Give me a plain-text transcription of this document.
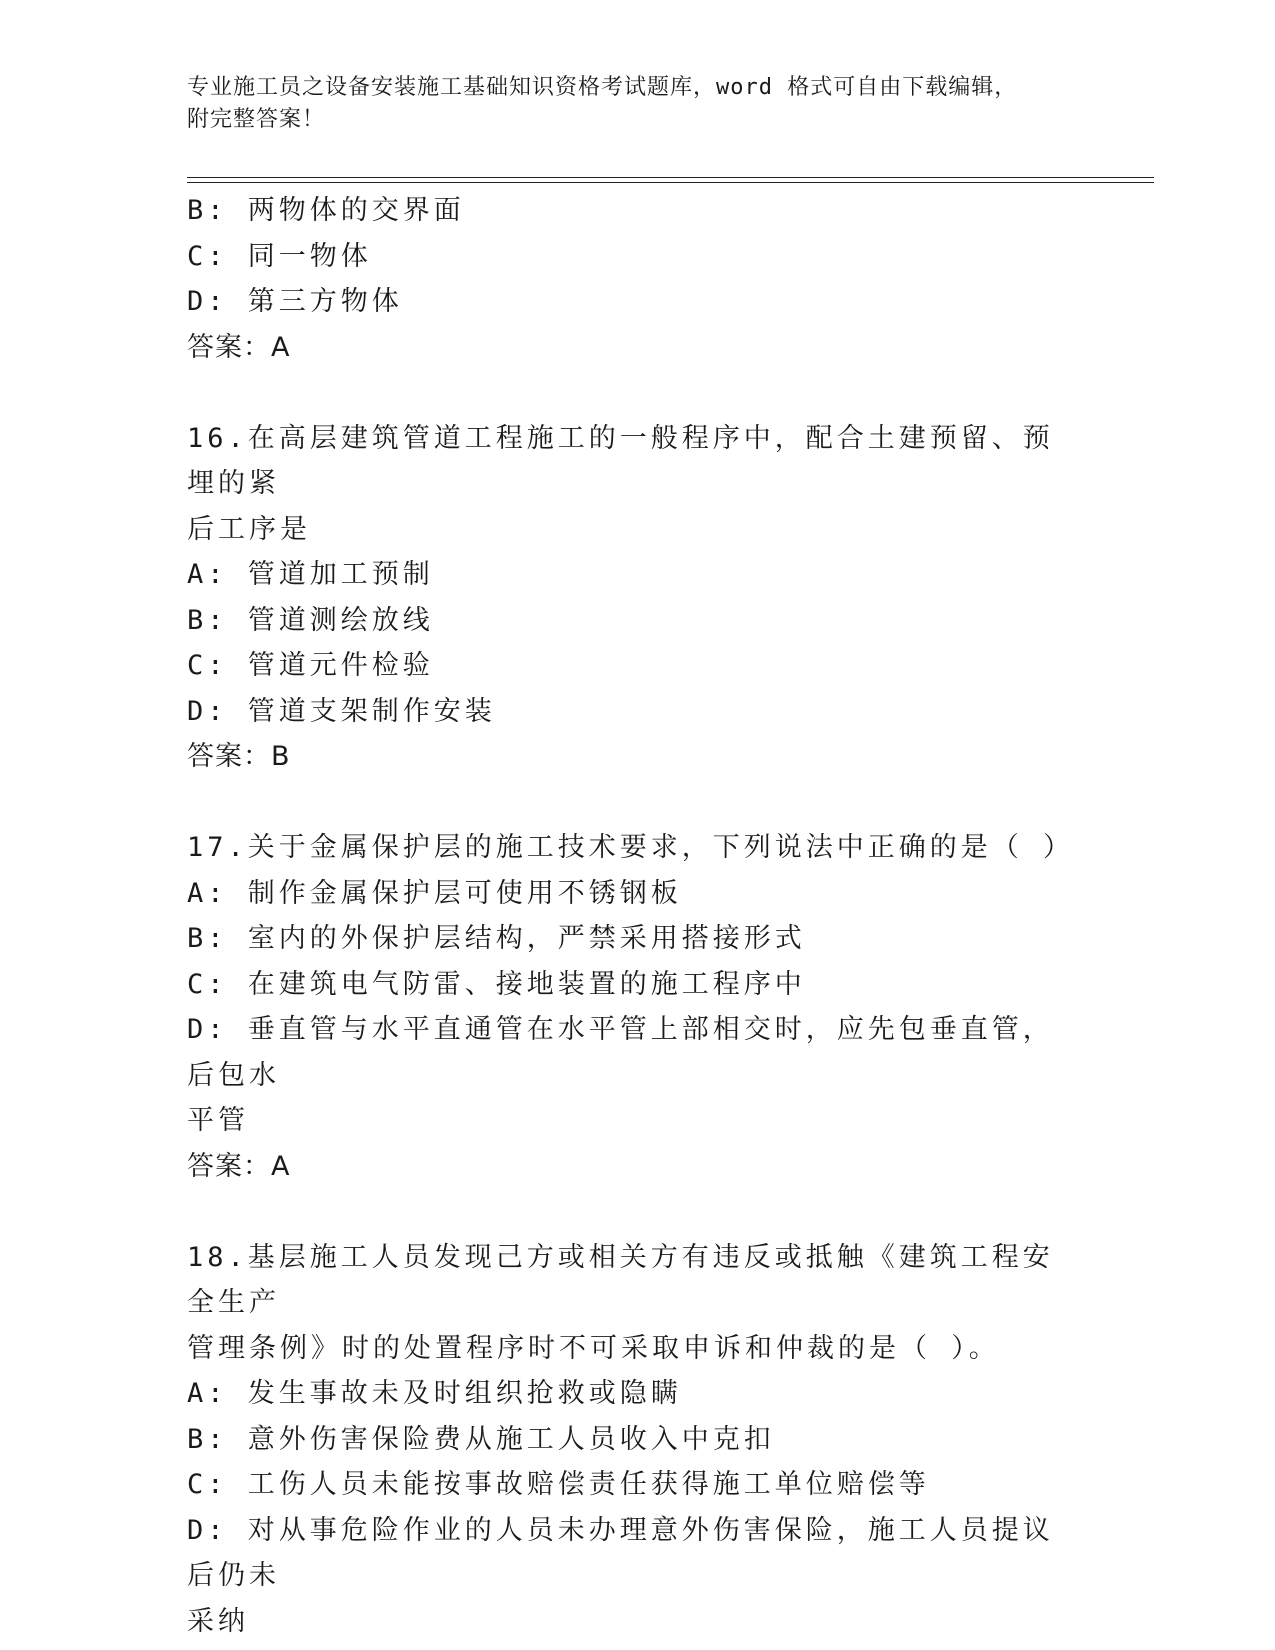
专业施工员之设备安装施工基础知识资格考试题库，word 格式可自由下载编辑，
附完整答案！
B: 两物体的交界面
C: 同一物体
D: 第三方物体
答案：A
16.在高层建筑管道工程施工的一般程序中，配合土建预留、预埋的紧
后工序是
A: 管道加工预制
B: 管道测绘放线
C: 管道元件检验
D: 管道支架制作安装
答案：B
17.关于金属保护层的施工技术要求，下列说法中正确的是（ ）
A: 制作金属保护层可使用不锈钢板
B: 室内的外保护层结构，严禁采用搭接形式
C: 在建筑电气防雷、接地装置的施工程序中
D: 垂直管与水平直通管在水平管上部相交时，应先包垂直管，后包水
平管
答案：A
18.基层施工人员发现己方或相关方有违反或抵触《建筑工程安全生产
管理条例》时的处置程序时不可采取申诉和仲裁的是（ ）。
A: 发生事故未及时组织抢救或隐瞒
B: 意外伤害保险费从施工人员收入中克扣
C: 工伤人员未能按事故赔偿责任获得施工单位赔偿等
D: 对从事危险作业的人员未办理意外伤害保险，施工人员提议后仍未
采纳
